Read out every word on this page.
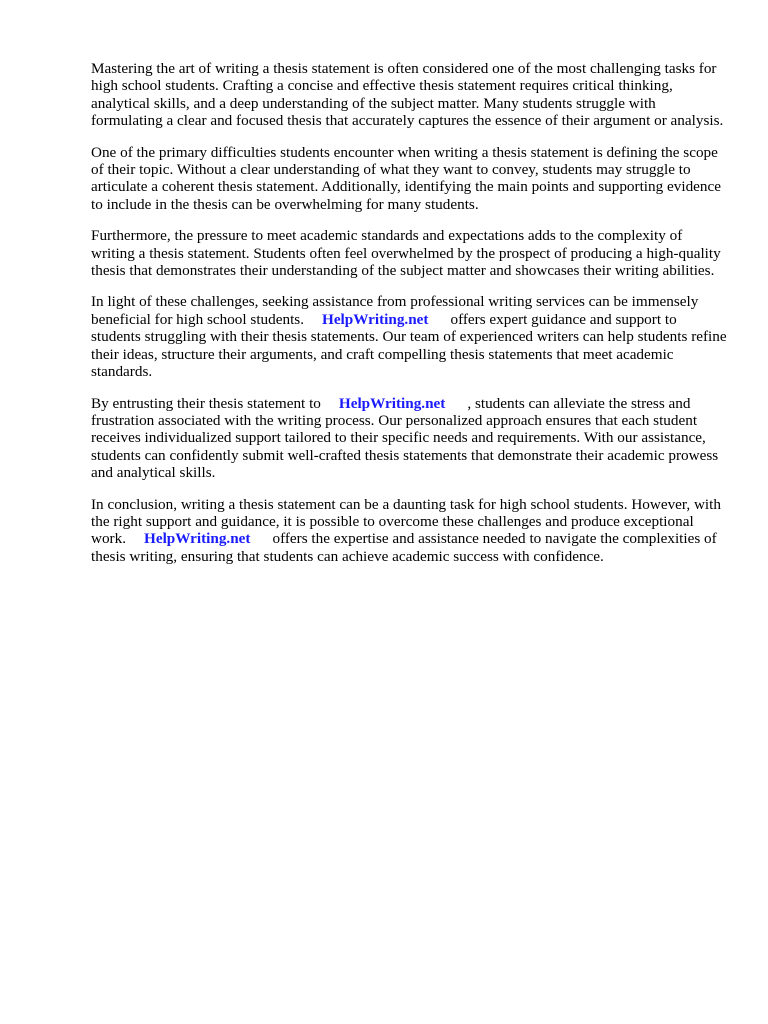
Mastering the art of writing a thesis statement is often considered one of the most challenging tasks for high school students. Crafting a concise and effective thesis statement requires critical thinking, analytical skills, and a deep understanding of the subject matter. Many students struggle with formulating a clear and focused thesis that accurately captures the essence of their argument or analysis.

One of the primary difficulties students encounter when writing a thesis statement is defining the scope of their topic. Without a clear understanding of what they want to convey, students may struggle to articulate a coherent thesis statement. Additionally, identifying the main points and supporting evidence to include in the thesis can be overwhelming for many students.

Furthermore, the pressure to meet academic standards and expectations adds to the complexity of writing a thesis statement. Students often feel overwhelmed by the prospect of producing a high-quality thesis that demonstrates their understanding of the subject matter and showcases their writing abilities.

In light of these challenges, seeking assistance from professional writing services can be immensely beneficial for high school students. HelpWriting.net offers expert guidance and support to students struggling with their thesis statements. Our team of experienced writers can help students refine their ideas, structure their arguments, and craft compelling thesis statements that meet academic standards.

By entrusting their thesis statement to HelpWriting.net , students can alleviate the stress and frustration associated with the writing process. Our personalized approach ensures that each student receives individualized support tailored to their specific needs and requirements. With our assistance, students can confidently submit well-crafted thesis statements that demonstrate their academic prowess and analytical skills.

In conclusion, writing a thesis statement can be a daunting task for high school students. However, with the right support and guidance, it is possible to overcome these challenges and produce exceptional work. HelpWriting.net offers the expertise and assistance needed to navigate the complexities of thesis writing, ensuring that students can achieve academic success with confidence.
